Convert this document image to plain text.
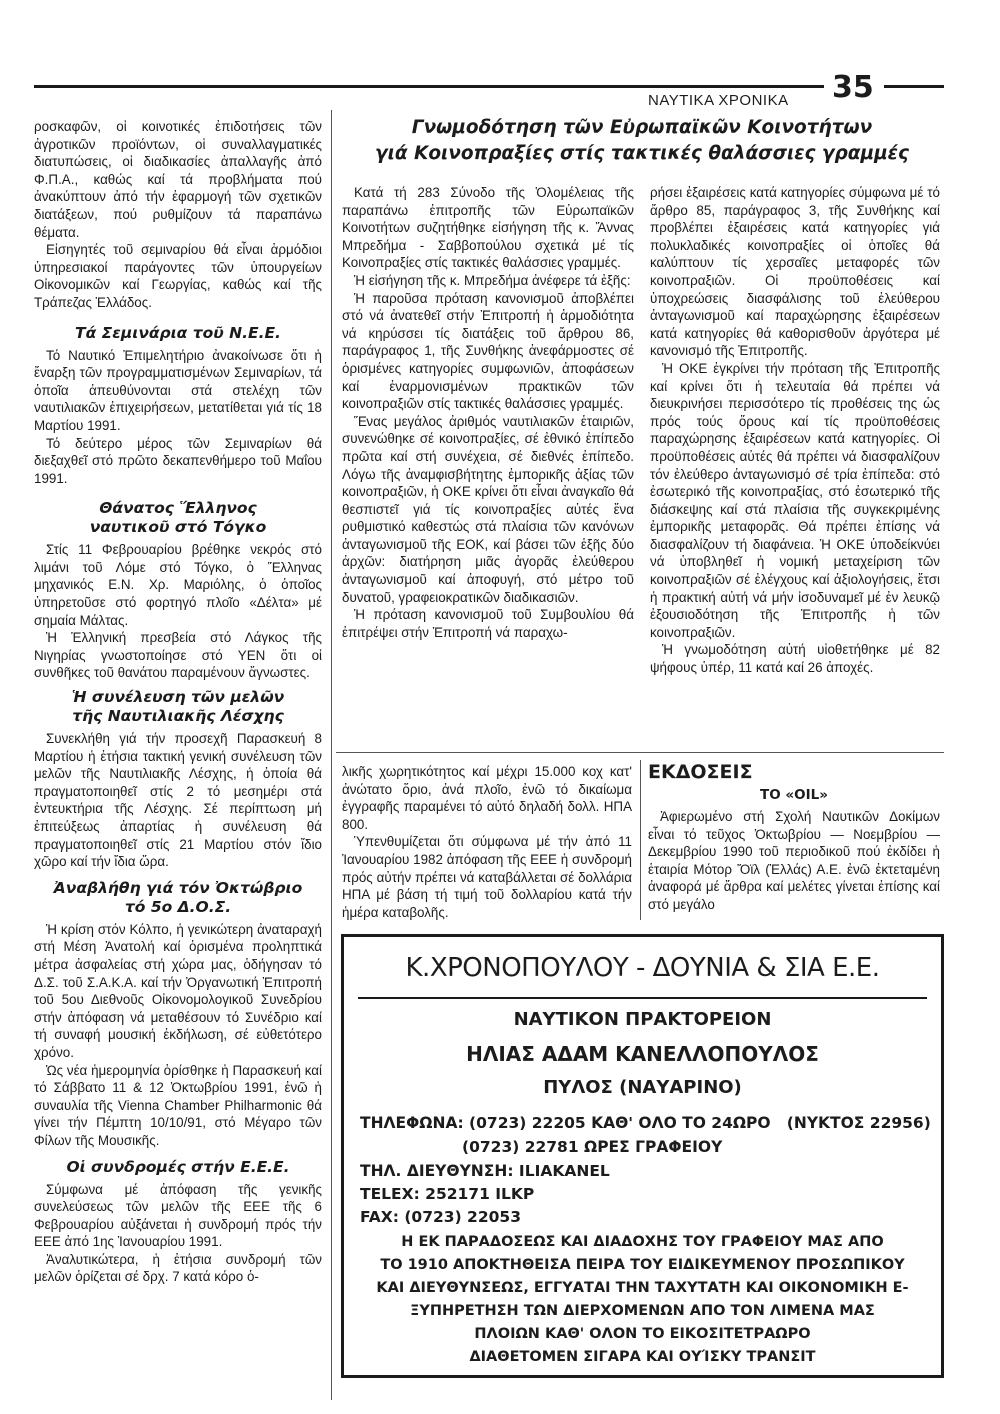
ΝΑΥΤΙΚΑ ΧΡΟΝΙΚΑ 35

ροσκαφῶν, οἱ κοινοτικές ἐπιδοτήσεις τῶν ἀγροτικῶν προϊόντων, οἱ συναλλαγματικές διατυπώσεις, οἱ διαδικασίες ἀπαλλαγῆς ἀπό Φ.Π.Α., καθώς καί τά προβλήματα πού ἀνακύπτουν ἀπό τήν ἐφαρμογή τῶν σχετικῶν διατάξεων, πού ρυθμίζουν τά παραπάνω θέματα.

Εἰσηγητές τοῦ σεμιναρίου θά εἶναι ἁρμόδιοι ὑπηρεσιακοί παράγοντες τῶν ὑπουργείων Οἰκονομικῶν καί Γεωργίας, καθώς καί τῆς Τράπεζας Ἑλλάδος.

Τά Σεμινάρια τοῦ Ν.Ε.Ε.

Τό Ναυτικό Ἐπιμελητήριο ἀνακοίνωσε ὅτι ἡ ἔναρξη τῶν προγραμματισμένων Σεμιναρίων, τά ὁποῖα ἀπευθύνονται στά στελέχη τῶν ναυτιλιακῶν ἐπιχειρήσεων, μετατίθεται γιά τίς 18 Μαρτίου 1991.

Τό δεύτερο μέρος τῶν Σεμιναρίων θά διεξαχθεῖ στό πρῶτο δεκαπενθήμερο τοῦ Μαΐου 1991.

Θάνατος Ἕλληνος

ναυτικοῦ στό Τόγκο

Στίς 11 Φεβρουαρίου βρέθηκε νεκρός στό λιμάνι τοῦ Λόμε στό Τόγκο, ὁ Ἕλληνας μηχανικός Ε.Ν. Χρ. Μαριόλης, ὁ ὁποῖος ὑπηρετοῦσε στό φορτηγό πλοῖο «Δέλτα» μέ σημαία Μάλτας.

Ἡ Ἑλληνική πρεσβεία στό Λάγκος τῆς Νιγηρίας γνωστοποίησε στό ΥΕΝ ὅτι οἱ συνθῆκες τοῦ θανάτου παραμένουν ἄγνωστες.

Ἡ συνέλευση τῶν μελῶν

τῆς Ναυτιλιακῆς Λέσχης

Συνεκλήθη γιά τήν προσεχῆ Παρασκευή 8 Μαρτίου ἡ ἐτήσια τακτική γενική συνέλευση τῶν μελῶν τῆς Ναυτιλιακῆς Λέσχης, ἡ ὁποία θά πραγματοποιηθεῖ στίς 2 τό μεσημέρι στά ἐντευκτήρια τῆς Λέσχης. Σέ περίπτωση μή ἐπιτεύξεως ἀπαρτίας ἡ συνέλευση θά πραγματοποιηθεῖ στίς 21 Μαρτίου στόν ἴδιο χῶρο καί τήν ἴδια ὥρα.

Ἀναβλήθη γιά τόν Ὀκτώβριο

τό 5ο Δ.Ο.Σ.

Ἡ κρίση στόν Κόλπο, ἡ γενικώτερη ἀναταραχή στή Μέση Ἀνατολή καί ὁρισμένα προληπτικά μέτρα ἀσφαλείας στή χώρα μας, ὁδήγησαν τό Δ.Σ. τοῦ Σ.Α.Κ.Α. καί τήν Ὀργανωτική Ἐπιτροπή τοῦ 5ου Διεθνοῦς Οἰκονομολογικοῦ Συνεδρίου στήν ἀπόφαση νά μεταθέσουν τό Συνέδριο καί τή συναφή μουσική ἐκδήλωση, σέ εὐθετότερο χρόνο.

Ὡς νέα ἡμερομηνία ὁρίσθηκε ἡ Παρασκευή καί τό Σάββατο 11 & 12 Ὀκτωβρίου 1991, ἐνῶ ἡ συναυλία τῆς Vienna Chamber Philharmonic θά γίνει τήν Πέμπτη 10/10/91, στό Μέγαρο τῶν Φίλων τῆς Μουσικῆς.

Οἱ συνδρομές στήν Ε.Ε.Ε.

Σύμφωνα μέ ἀπόφαση τῆς γενικῆς συνελεύσεως τῶν μελῶν τῆς ΕΕΕ τῆς 6 Φεβρουαρίου αὐξάνεται ἡ συνδρομή πρός τήν ΕΕΕ ἀπό 1ης Ἰανουαρίου 1991.

Ἀναλυτικώτερα, ἡ ἐτήσια συνδρομή τῶν μελῶν ὁρίζεται σέ δρχ. 7 κατά κόρο ὁ-

Γνωμοδότηση τῶν Εὐρωπαϊκῶν Κοινοτήτων

γιά Κοινοπραξίες στίς τακτικές θαλάσσιες γραμμές

Κατά τή 283 Σύνοδο τῆς Ὁλομέλειας τῆς παραπάνω ἐπιτροπῆς τῶν Εὐρωπαϊκῶν Κοινοτήτων συζητήθηκε εἰσήγηση τῆς κ. Ἄννας Μπρεδήμα - Σαββοπούλου σχετικά μέ τίς Κοινοπραξίες στίς τακτικές θαλάσσιες γραμμές.

Ἡ εἰσήγηση τῆς κ. Μπρεδήμα ἀνέφερε τά ἑξῆς:

Ἡ παροῦσα πρόταση κανονισμοῦ ἀποβλέπει στό νά ἀνατεθεῖ στήν Ἐπιτροπή ἡ ἁρμοδιότητα νά κηρύσσει τίς διατάξεις τοῦ ἄρθρου 86, παράγραφος 1, τῆς Συνθήκης ἀνεφάρμοστες σέ ὁρισμένες κατηγορίες συμφωνιῶν, ἀποφάσεων καί ἐναρμονισμένων πρακτικῶν τῶν κοινοπραξιῶν στίς τακτικές θαλάσσιες γραμμές.

Ἕνας μεγάλος ἀριθμός ναυτιλιακῶν ἑταιριῶν, συνενώθηκε σέ κοινοπραξίες, σέ ἐθνικό ἐπίπεδο πρῶτα καί στή συνέχεια, σέ διεθνές ἐπίπεδο. Λόγω τῆς ἀναμφισβήτητης ἐμπορικῆς ἀξίας τῶν κοινοπραξιῶν, ἡ ΟΚΕ κρίνει ὅτι εἶναι ἀναγκαῖο θά θεσπιστεῖ γιά τίς κοινοπραξίες αὐτές ἕνα ρυθμιστικό καθεστώς στά πλαίσια τῶν κανόνων ἀνταγωνισμοῦ τῆς ΕΟΚ, καί βάσει τῶν ἑξῆς δύο ἀρχῶν: διατήρηση μιᾶς ἀγορᾶς ἐλεύθερου ἀνταγωνισμοῦ καί ἀποφυγή, στό μέτρο τοῦ δυνατοῦ, γραφειοκρατικῶν διαδικασιῶν.

Ἡ πρόταση κανονισμοῦ τοῦ Συμβουλίου θά ἐπιτρέψει στήν Ἐπιτροπή νά παραχω-

ρήσει ἐξαιρέσεις κατά κατηγορίες σύμφωνα μέ τό ἄρθρο 85, παράγραφος 3, τῆς Συνθήκης καί προβλέπει ἐξαιρέσεις κατά κατηγορίες γιά πολυκλαδικές κοινοπραξίες οἱ ὁποῖες θά καλύπτουν τίς χερσαῖες μεταφορές τῶν κοινοπραξιῶν. Οἱ προϋποθέσεις καί ὑποχρεώσεις διασφάλισης τοῦ ἐλεύθερου ἀνταγωνισμοῦ καί παραχώρησης ἐξαιρέσεων κατά κατηγορίες θά καθορισθοῦν ἀργότερα μέ κανονισμό τῆς Ἐπιτροπῆς.

Ἡ ΟΚΕ ἐγκρίνει τήν πρόταση τῆς Ἐπιτροπῆς καί κρίνει ὅτι ἡ τελευταία θά πρέπει νά διευκρινήσει περισσότερο τίς προθέσεις της ὡς πρός τούς ὅρους καί τίς προϋποθέσεις παραχώρησης ἐξαιρέσεων κατά κατηγορίες. Οἱ προϋποθέσεις αὐτές θά πρέπει νά διασφαλίζουν τόν ἐλεύθερο ἀνταγωνισμό σέ τρία ἐπίπεδα: στό ἐσωτερικό τῆς κοινοπραξίας, στό ἐσωτερικό τῆς διάσκεψης καί στά πλαίσια τῆς συγκεκριμένης ἐμπορικῆς μεταφορᾶς. Θά πρέπει ἐπίσης νά διασφαλίζουν τή διαφάνεια. Ἡ ΟΚΕ ὑποδείκνύει νά ὑποβληθεῖ ἡ νομική μεταχείριση τῶν κοινοπραξιῶν σέ ἐλέγχους καί ἀξιολογήσεις, ἔτσι ἡ πρακτική αὐτή νά μήν ἰσοδυναμεῖ μέ ἐν λευκῷ ἐξουσιοδότηση τῆς Ἐπιτροπῆς ἡ τῶν κοινοπραξιῶν.

Ἡ γνωμοδότηση αὐτή υἱοθετήθηκε μέ 82 ψήφους ὑπέρ, 11 κατά καί 26 ἀποχές.

λικῆς χωρητικότητος καί μέχρι 15.000 κοχ κατ' ἀνώτατο ὅριο, ἀνά πλοῖο, ἐνῶ τό δικαίωμα ἐγγραφῆς παραμένει τό αὐτό δηλαδή δολλ. ΗΠΑ 800.

Ὑπενθυμίζεται ὅτι σύμφωνα μέ τήν ἀπό 11 Ἰανουαρίου 1982 ἀπόφαση τῆς ΕΕΕ ἡ συνδρομή πρός αὐτήν πρέπει νά καταβάλλεται σέ δολλάρια ΗΠΑ μέ βάση τή τιμή τοῦ δολλαρίου κατά τήν ἡμέρα καταβολῆς.

ΕΚΔΟΣΕΙΣ

ΤΟ «OIL»

Ἀφιερωμένο στή Σχολή Ναυτικῶν Δοκίμων εἶναι τό τεῦχος Ὀκτωβρίου — Νοεμβρίου — Δεκεμβρίου 1990 τοῦ περιοδικοῦ πού ἐκδίδει ἡ ἑταιρία Μότορ Ὄϊλ (Ἑλλάς) Α.Ε. ἐνῶ ἐκτεταμένη ἀναφορά μέ ἄρθρα καί μελέτες γίνεται ἐπίσης καί στό μεγάλο

Κ.ΧΡΟΝΟΠΟΥΛΟΥ - ΔΟΥΝΙΑ & ΣΙΑ Ε.Ε.

ΝΑΥΤΙΚΟΝ ΠΡΑΚΤΟΡΕΙΟΝ

ΗΛΙΑΣ ΑΔΑΜ ΚΑΝΕΛΛΟΠΟΥΛΟΣ

ΠΥΛΟΣ (ΝΑΥΑΡΙΝΟ)

ΤΗΛΕΦΩΝΑ: (0723) 22205 ΚΑΘ' ΟΛΟ ΤΟ 24ΩΡΟ   (ΝΥΚΤΟΣ 22956)

(0723) 22781 ΩΡΕΣ ΓΡΑΦΕΙΟΥ

ΤΗΛ. ΔΙΕΥΘΥΝΣΗ: ILIAKANEL

TELEX: 252171 ILKP

FAX: (0723) 22053

Η ΕΚ ΠΑΡΑΔΟΣΕΩΣ ΚΑΙ ΔΙΑΔΟΧΗΣ ΤΟΥ ΓΡΑΦΕΙΟΥ ΜΑΣ ΑΠΟ

ΤΟ 1910 ΑΠΟΚΤΗΘΕΙΣΑ ΠΕΙΡΑ ΤΟΥ ΕΙΔΙΚΕΥΜΕΝΟΥ ΠΡΟΣΩΠΙΚΟΥ

ΚΑΙ ΔΙΕΥΘΥΝΣΕΩΣ, ΕΓΓΥΑΤΑΙ ΤΗΝ ΤΑΧΥΤΑΤΗ ΚΑΙ ΟΙΚΟΝΟΜΙΚΗ Ε-

ΞΥΠΗΡΕΤΗΣΗ ΤΩΝ ΔΙΕΡΧΟΜΕΝΩΝ ΑΠΟ ΤΟΝ ΛΙΜΕΝΑ ΜΑΣ

ΠΛΟΙΩΝ ΚΑΘ' ΟΛΟΝ ΤΟ ΕΙΚΟΣΙΤΕΤΡΑΩΡΟ

ΔΙΑΘΕΤΟΜΕΝ ΣΙΓΑΡΑ ΚΑΙ ΟΥΊΣΚΥ ΤΡΑΝΣΙΤ
